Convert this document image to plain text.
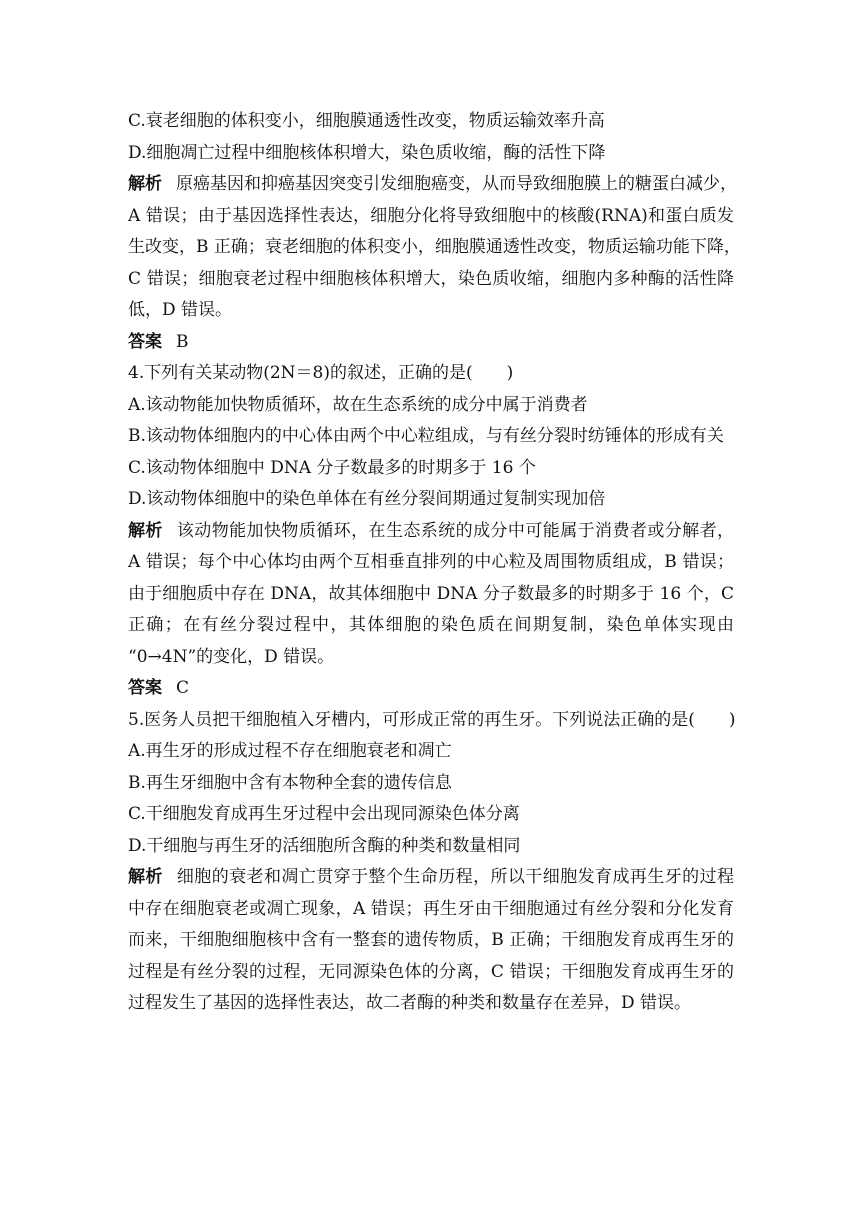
C.衰老细胞的体积变小，细胞膜通透性改变，物质运输效率升高
D.细胞凋亡过程中细胞核体积增大，染色质收缩，酶的活性下降
解析 原癌基因和抑癌基因突变引发细胞癌变，从而导致细胞膜上的糖蛋白减少，
A 错误；由于基因选择性表达，细胞分化将导致细胞中的核酸(RNA)和蛋白质发
生改变，B 正确；衰老细胞的体积变小，细胞膜通透性改变，物质运输功能下降，
C 错误；细胞衰老过程中细胞核体积增大，染色质收缩，细胞内多种酶的活性降
低，D 错误。
答案 B
4.下列有关某动物(2N＝8)的叙述，正确的是(　　)
A.该动物能加快物质循环，故在生态系统的成分中属于消费者
B.该动物体细胞内的中心体由两个中心粒组成，与有丝分裂时纺锤体的形成有关
C.该动物体细胞中 DNA 分子数最多的时期多于 16 个
D.该动物体细胞中的染色单体在有丝分裂间期通过复制实现加倍
解析 该动物能加快物质循环，在生态系统的成分中可能属于消费者或分解者，
A 错误；每个中心体均由两个互相垂直排列的中心粒及周围物质组成，B 错误；
由于细胞质中存在 DNA，故其体细胞中 DNA 分子数最多的时期多于 16 个，C
正确；在有丝分裂过程中，其体细胞的染色质在间期复制，染色单体实现由
“0→4N”的变化，D 错误。
答案 C
5.医务人员把干细胞植入牙槽内，可形成正常的再生牙。下列说法正确的是(　　)
A.再生牙的形成过程不存在细胞衰老和凋亡
B.再生牙细胞中含有本物种全套的遗传信息
C.干细胞发育成再生牙过程中会出现同源染色体分离
D.干细胞与再生牙的活细胞所含酶的种类和数量相同
解析 细胞的衰老和凋亡贯穿于整个生命历程，所以干细胞发育成再生牙的过程
中存在细胞衰老或凋亡现象，A 错误；再生牙由干细胞通过有丝分裂和分化发育
而来，干细胞细胞核中含有一整套的遗传物质，B 正确；干细胞发育成再生牙的
过程是有丝分裂的过程，无同源染色体的分离，C 错误；干细胞发育成再生牙的
过程发生了基因的选择性表达，故二者酶的种类和数量存在差异，D 错误。
